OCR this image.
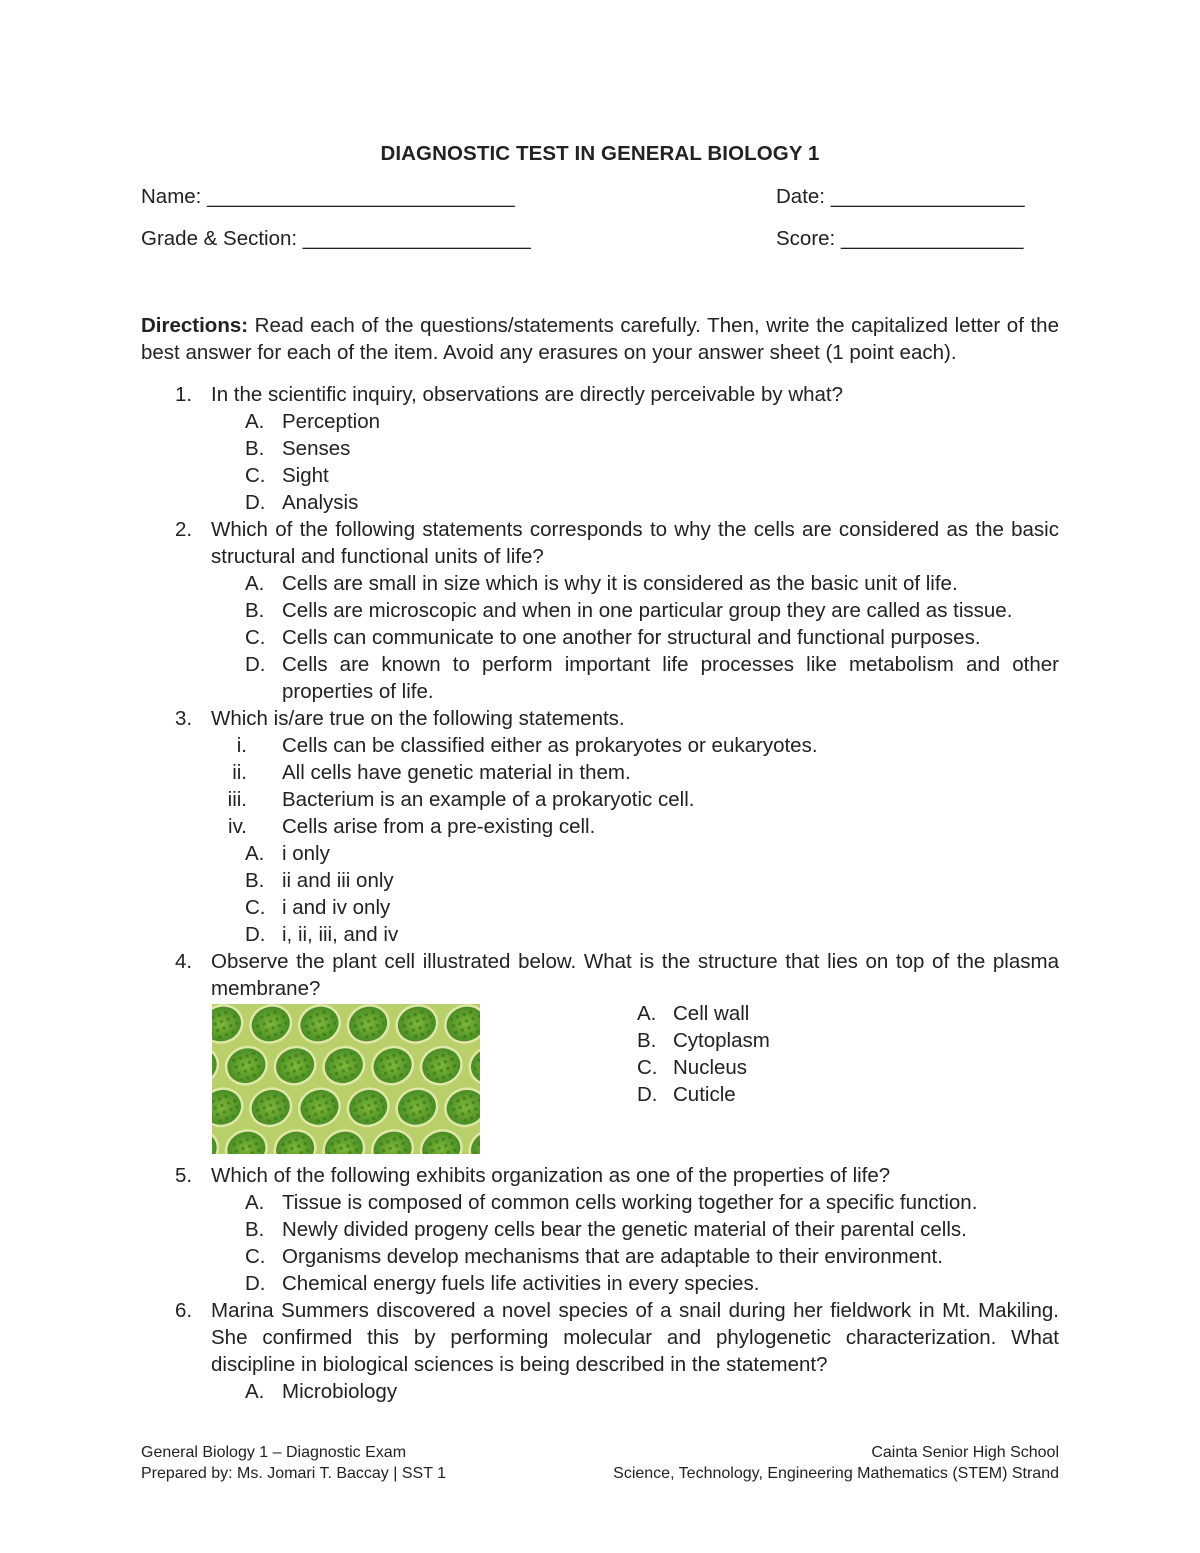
DIAGNOSTIC TEST IN GENERAL BIOLOGY 1
Name: ___________________________	Date: _________________
Grade & Section: ____________________	Score: ________________
Directions: Read each of the questions/statements carefully. Then, write the capitalized letter of the best answer for each of the item. Avoid any erasures on your answer sheet (1 point each).
1. In the scientific inquiry, observations are directly perceivable by what?
A. Perception
B. Senses
C. Sight
D. Analysis
2. Which of the following statements corresponds to why the cells are considered as the basic structural and functional units of life?
A. Cells are small in size which is why it is considered as the basic unit of life.
B. Cells are microscopic and when in one particular group they are called as tissue.
C. Cells can communicate to one another for structural and functional purposes.
D. Cells are known to perform important life processes like metabolism and other properties of life.
3. Which is/are true on the following statements.
i. Cells can be classified either as prokaryotes or eukaryotes.
ii. All cells have genetic material in them.
iii. Bacterium is an example of a prokaryotic cell.
iv. Cells arise from a pre-existing cell.
A. i only
B. ii and iii only
C. i and iv only
D. i, ii, iii, and iv
4. Observe the plant cell illustrated below. What is the structure that lies on top of the plasma membrane?
A. Cell wall
B. Cytoplasm
C. Nucleus
D. Cuticle
5. Which of the following exhibits organization as one of the properties of life?
A. Tissue is composed of common cells working together for a specific function.
B. Newly divided progeny cells bear the genetic material of their parental cells.
C. Organisms develop mechanisms that are adaptable to their environment.
D. Chemical energy fuels life activities in every species.
6. Marina Summers discovered a novel species of a snail during her fieldwork in Mt. Makiling. She confirmed this by performing molecular and phylogenetic characterization. What discipline in biological sciences is being described in the statement?
A. Microbiology
General Biology 1 – Diagnostic Exam
Prepared by: Ms. Jomari T. Baccay | SST 1
Cainta Senior High School
Science, Technology, Engineering Mathematics (STEM) Strand
